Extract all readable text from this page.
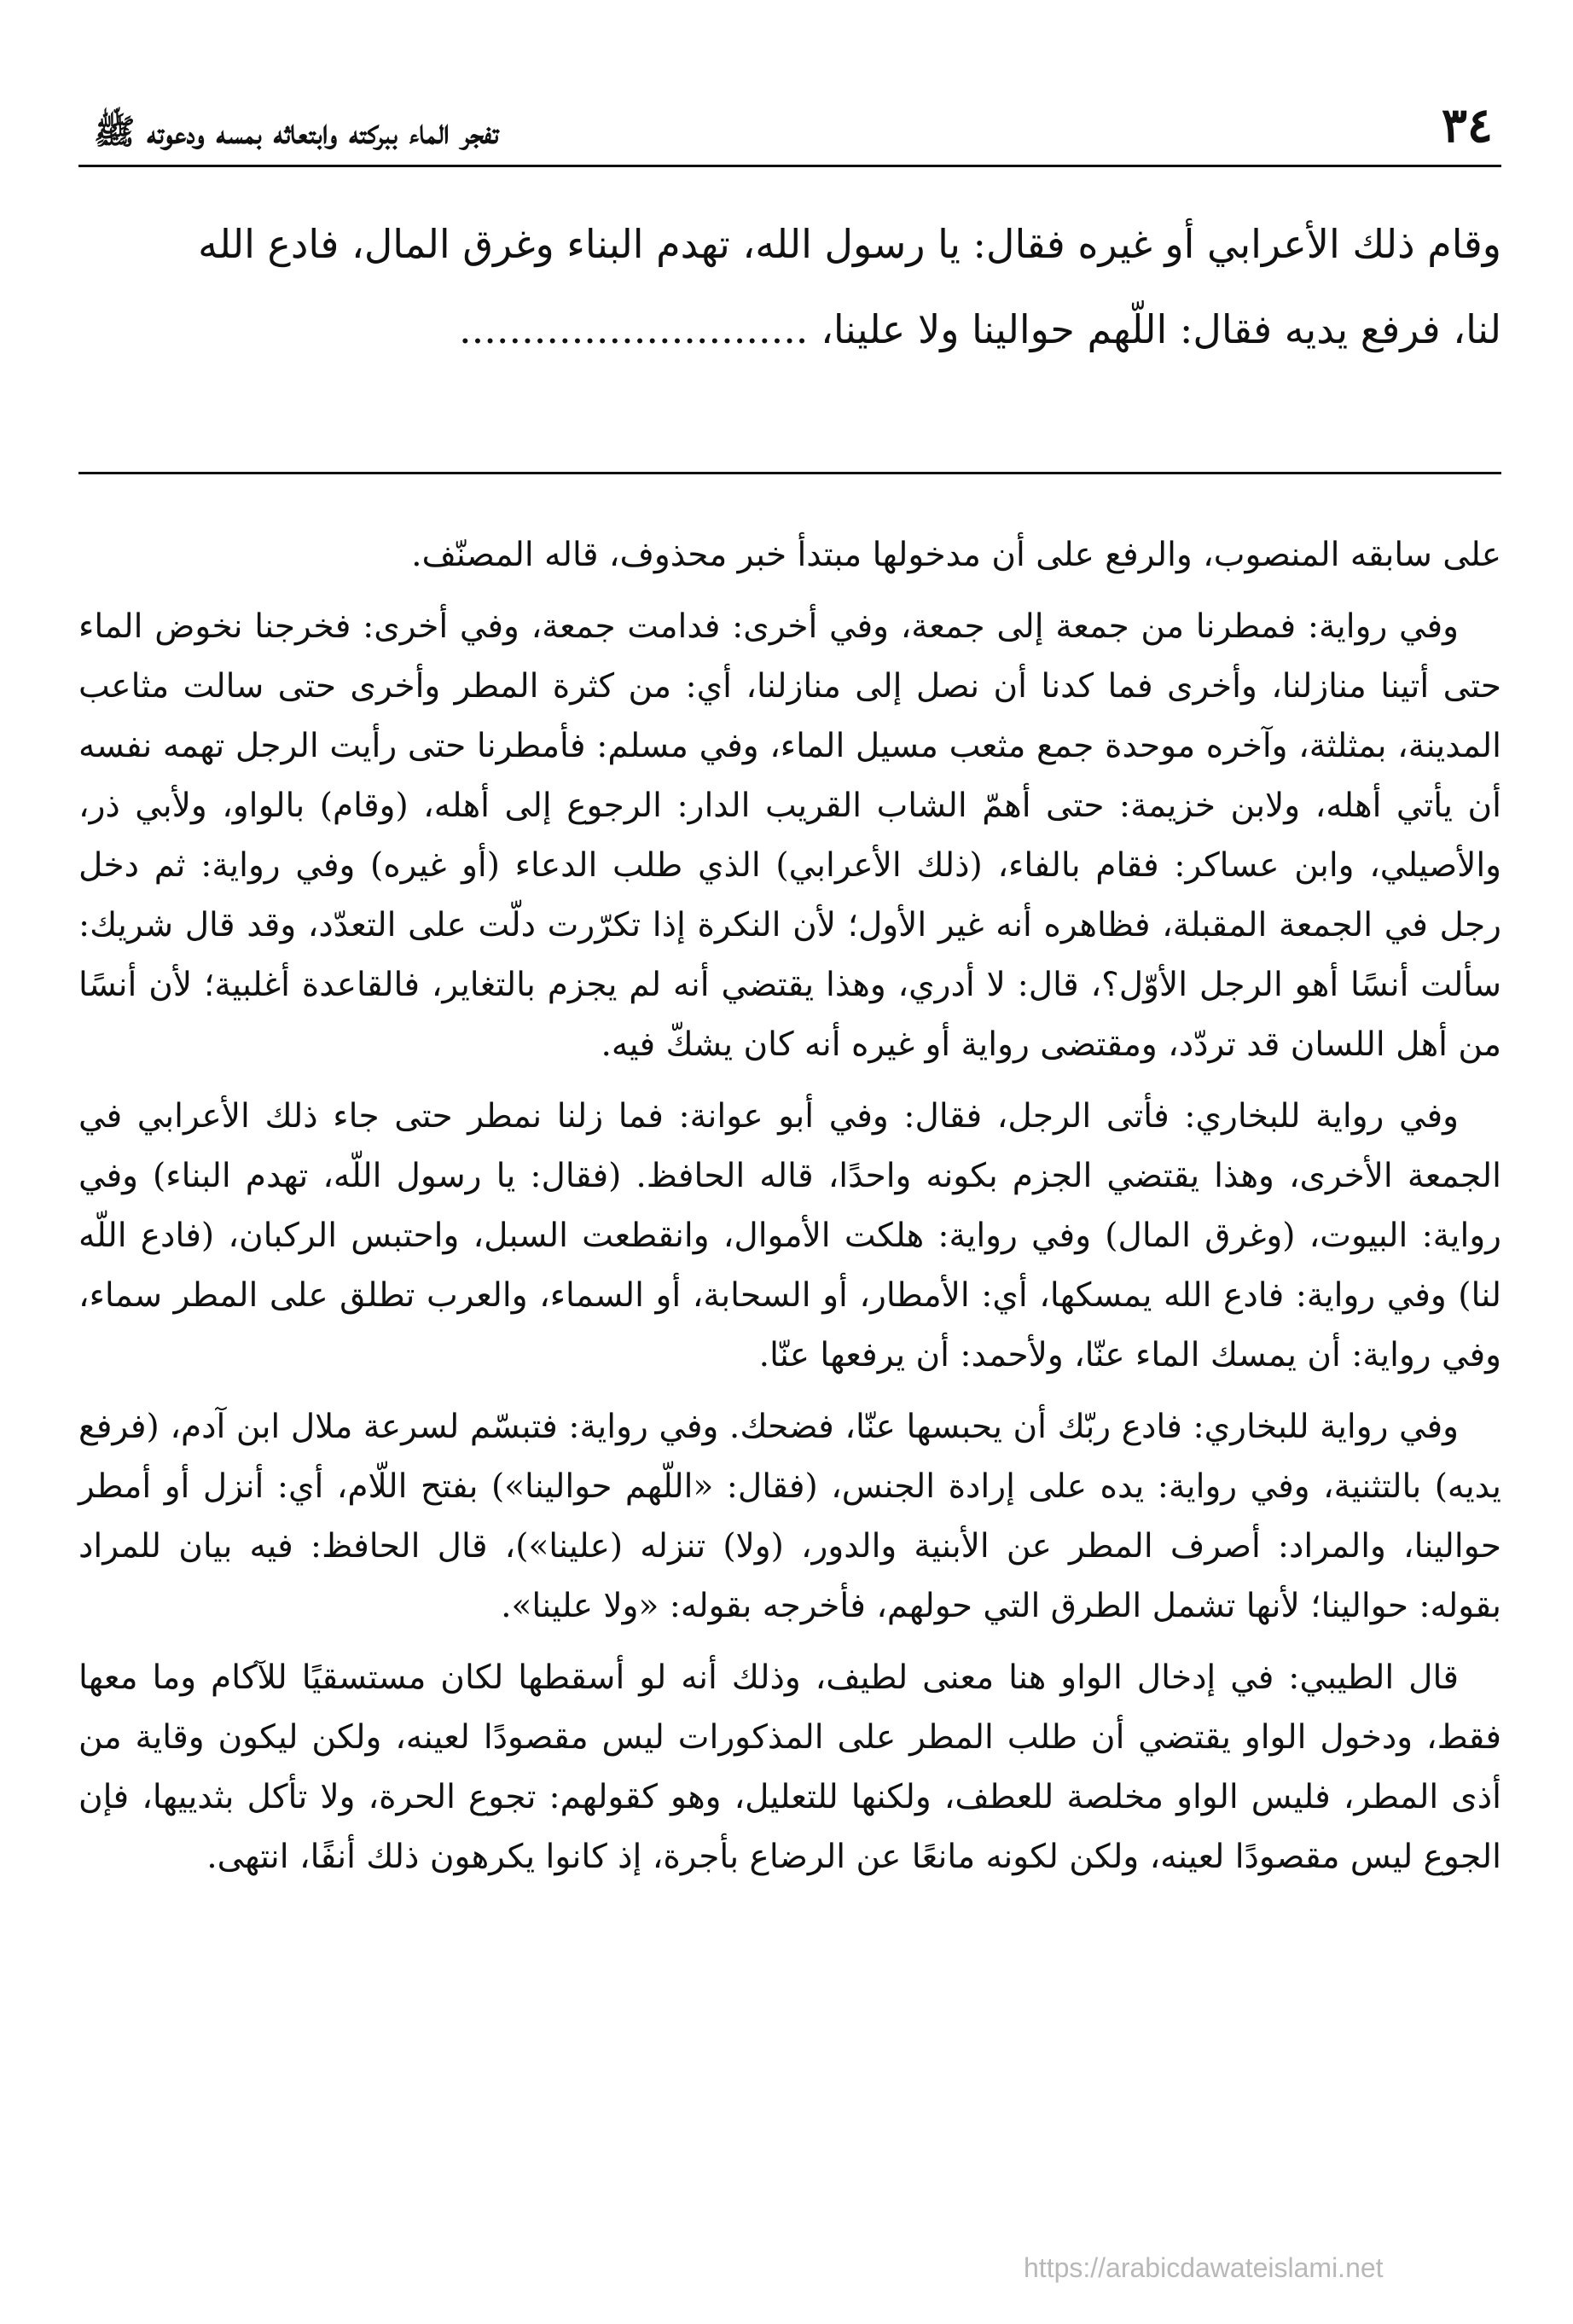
٣٤
تفجر الماء ببركته وابتعاثه بمسه ودعوته ﷺ

وقام ذلك الأعرابي أو غيره فقال: يا رسول الله، تهدم البناء وغرق المال، فادع الله

لنا، فرفع يديه فقال: اللّهم حوالينا ولا علينا، ............................

على سابقه المنصوب، والرفع على أن مدخولها مبتدأ خبر محذوف، قاله المصنّف.

وفي رواية: فمطرنا من جمعة إلى جمعة، وفي أخرى: فدامت جمعة، وفي أخرى: فخرجنا نخوض الماء حتى أتينا منازلنا، وأخرى فما كدنا أن نصل إلى منازلنا، أي: من كثرة المطر وأخرى حتى سالت مثاعب المدينة، بمثلثة، وآخره موحدة جمع مثعب مسيل الماء، وفي مسلم: فأمطرنا حتى رأيت الرجل تهمه نفسه أن يأتي أهله، ولابن خزيمة: حتى أهمّ الشاب القريب الدار: الرجوع إلى أهله، (وقام) بالواو، ولأبي ذر، والأصيلي، وابن عساكر: فقام بالفاء، (ذلك الأعرابي) الذي طلب الدعاء (أو غيره) وفي رواية: ثم دخل رجل في الجمعة المقبلة، فظاهره أنه غير الأول؛ لأن النكرة إذا تكرّرت دلّت على التعدّد، وقد قال شريك: سألت أنسًا أهو الرجل الأوّل؟، قال: لا أدري، وهذا يقتضي أنه لم يجزم بالتغاير، فالقاعدة أغلبية؛ لأن أنسًا من أهل اللسان قد تردّد، ومقتضى رواية أو غيره أنه كان يشكّ فيه.

وفي رواية للبخاري: فأتى الرجل، فقال: وفي أبو عوانة: فما زلنا نمطر حتى جاء ذلك الأعرابي في الجمعة الأخرى، وهذا يقتضي الجزم بكونه واحدًا، قاله الحافظ. (فقال: يا رسول اللّه، تهدم البناء) وفي رواية: البيوت، (وغرق المال) وفي رواية: هلكت الأموال، وانقطعت السبل، واحتبس الركبان، (فادع اللّه لنا) وفي رواية: فادع الله يمسكها، أي: الأمطار، أو السحابة، أو السماء، والعرب تطلق على المطر سماء، وفي رواية: أن يمسك الماء عنّا، ولأحمد: أن يرفعها عنّا.

وفي رواية للبخاري: فادع ربّك أن يحبسها عنّا، فضحك. وفي رواية: فتبسّم لسرعة ملال ابن آدم، (فرفع يديه) بالتثنية، وفي رواية: يده على إرادة الجنس، (فقال: «اللّهم حوالينا») بفتح اللّام، أي: أنزل أو أمطر حوالينا، والمراد: أصرف المطر عن الأبنية والدور، (ولا) تنزله (علينا»)، قال الحافظ: فيه بيان للمراد بقوله: حوالينا؛ لأنها تشمل الطرق التي حولهم، فأخرجه بقوله: «ولا علينا».

قال الطيبي: في إدخال الواو هنا معنى لطيف، وذلك أنه لو أسقطها لكان مستسقيًا للآكام وما معها فقط، ودخول الواو يقتضي أن طلب المطر على المذكورات ليس مقصودًا لعينه، ولكن ليكون وقاية من أذى المطر، فليس الواو مخلصة للعطف، ولكنها للتعليل، وهو كقولهم: تجوع الحرة، ولا تأكل بثدييها، فإن الجوع ليس مقصودًا لعينه، ولكن لكونه مانعًا عن الرضاع بأجرة، إذ كانوا يكرهون ذلك أنفًا، انتهى.

https://arabicdawateislami.net
